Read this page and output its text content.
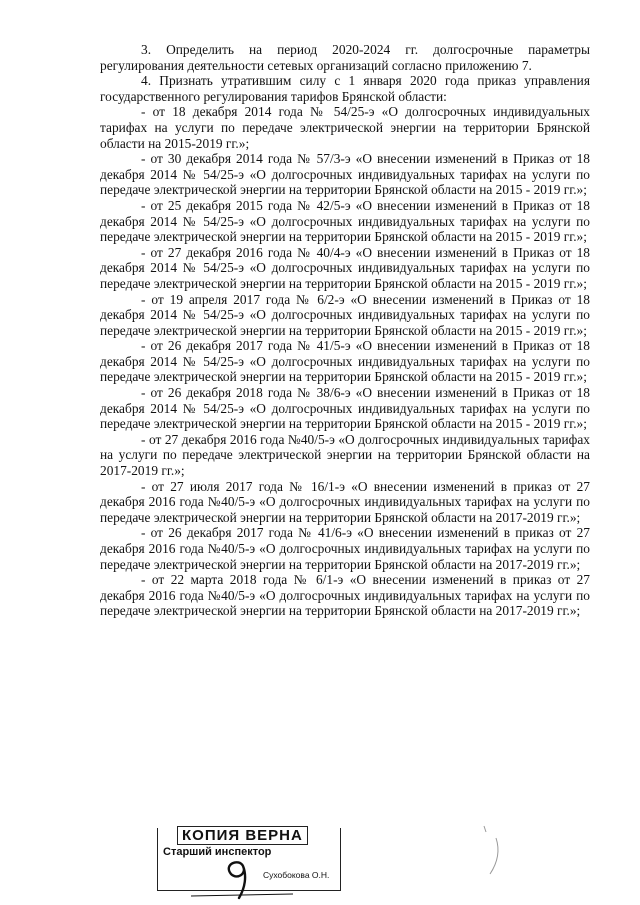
3. Определить на период 2020-2024 гг. долгосрочные параметры регулирования деятельности сетевых организаций согласно приложению 7.

4. Признать утратившим силу с 1 января 2020 года приказ управления государственного регулирования тарифов Брянской области:

- от 18 декабря 2014 года № 54/25-э «О долгосрочных индивидуальных тарифах на услуги по передаче электрической энергии на территории Брянской области на 2015-2019 гг.»;

- от 30 декабря 2014 года № 57/3-э «О внесении изменений в Приказ от 18 декабря 2014 № 54/25-э «О долгосрочных индивидуальных тарифах на услуги по передаче электрической энергии на территории Брянской области на 2015 - 2019 гг.»;

- от 25 декабря 2015 года № 42/5-э «О внесении изменений в Приказ от 18 декабря 2014 № 54/25-э «О долгосрочных индивидуальных тарифах на услуги по передаче электрической энергии на территории Брянской области на 2015 - 2019 гг.»;

- от 27 декабря 2016 года № 40/4-э «О внесении изменений в Приказ от 18 декабря 2014 № 54/25-э «О долгосрочных индивидуальных тарифах на услуги по передаче электрической энергии на территории Брянской области на 2015 - 2019 гг.»;

- от 19 апреля 2017 года № 6/2-э «О внесении изменений в Приказ от 18 декабря 2014 № 54/25-э «О долгосрочных индивидуальных тарифах на услуги по передаче электрической энергии на территории Брянской области на 2015 - 2019 гг.»;

- от 26 декабря 2017 года № 41/5-э «О внесении изменений в Приказ от 18 декабря 2014 № 54/25-э «О долгосрочных индивидуальных тарифах на услуги по передаче электрической энергии на территории Брянской области на 2015 - 2019 гг.»;

- от 26 декабря 2018 года № 38/6-э «О внесении изменений в Приказ от 18 декабря 2014 № 54/25-э «О долгосрочных индивидуальных тарифах на услуги по передаче электрической энергии на территории Брянской области на 2015 - 2019 гг.»;

- от 27 декабря 2016 года №40/5-э «О долгосрочных индивидуальных тарифах на услуги по передаче электрической энергии на территории Брянской области на 2017-2019 гг.»;

- от 27 июля 2017 года № 16/1-э «О внесении изменений в приказ от 27 декабря 2016 года №40/5-э «О долгосрочных индивидуальных тарифах на услуги по передаче электрической энергии на территории Брянской области на 2017-2019 гг.»;

- от 26 декабря 2017 года № 41/6-э «О внесении изменений в приказ от 27 декабря 2016 года №40/5-э «О долгосрочных индивидуальных тарифах на услуги по передаче электрической энергии на территории Брянской области на 2017-2019 гг.»;

- от 22 марта 2018 года № 6/1-э «О внесении изменений в приказ от 27 декабря 2016 года №40/5-э «О долгосрочных индивидуальных тарифах на услуги по передаче электрической энергии на территории Брянской области на 2017-2019 гг.»;

КОПИЯ ВЕРНА
Старший инспектор
Сухобокова О.Н.
